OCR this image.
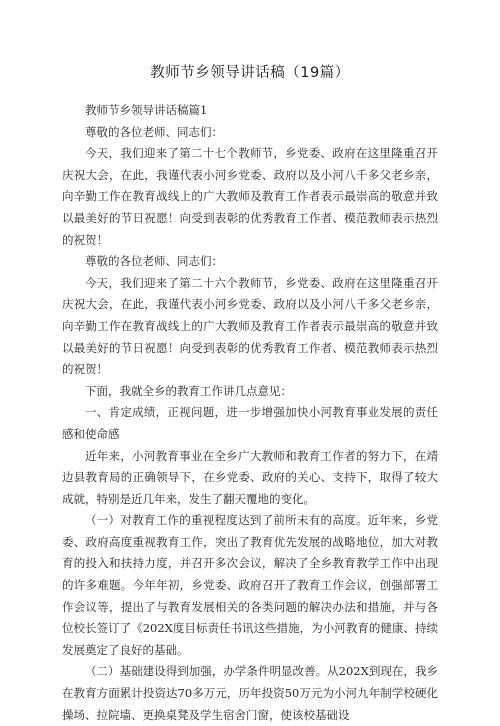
教师节乡领导讲话稿（19篇）

教师节乡领导讲话稿篇1

尊敬的各位老师、同志们：

今天，我们迎来了第二十七个教师节，乡党委、政府在这里隆重召开庆祝大会，在此，我谨代表小河乡党委、政府以及小河八千多父老乡亲，向辛勤工作在教育战线上的广大教师及教育工作者表示最崇高的敬意并致以最美好的节日祝愿！向受到表彰的优秀教育工作者、模范教师表示热烈的祝贺！

尊敬的各位老师、同志们：

今天，我们迎来了第二十六个教师节，乡党委、政府在这里隆重召开庆祝大会，在此，我谨代表小河乡党委、政府以及小河八千多父老乡亲，向辛勤工作在教育战线上的广大教师及教育工作者表示最崇高的敬意并致以最美好的节日祝愿！向受到表彰的优秀教育工作者、模范教师表示热烈的祝贺！

下面，我就全乡的教育工作讲几点意见：

一、肯定成绩，正视问题，进一步增强加快小河教育事业发展的责任感和使命感

近年来，小河教育事业在全乡广大教师和教育工作者的努力下，在靖边县教育局的正确领导下，在乡党委、政府的关心、支持下，取得了较大成就，特别是近几年来，发生了翻天覆地的变化。

（一）对教育工作的重视程度达到了前所未有的高度。近年来，乡党委、政府高度重视教育工作，突出了教育优先发展的战略地位，加大对教育的投入和扶持力度，并召开多次会议，解决了全乡教育教学工作中出现的许多难题。今年年初，乡党委、政府召开了教育工作会议，创强部署工作会议等，提出了与教育发展相关的各类问题的解决办法和措施，并与各位校长签订了《202X度目标责任书讯这些措施，为小河教育的健康、持续发展奠定了良好的基础。

（二）基础建设得到加强，办学条件明显改善。从202X到现在，我乡在教育方面累计投资达70多万元，历年投资50万元为小河九年制学校硬化操场、拉院墙、更换桌凳及学生宿舍门窗，使该校基础设
